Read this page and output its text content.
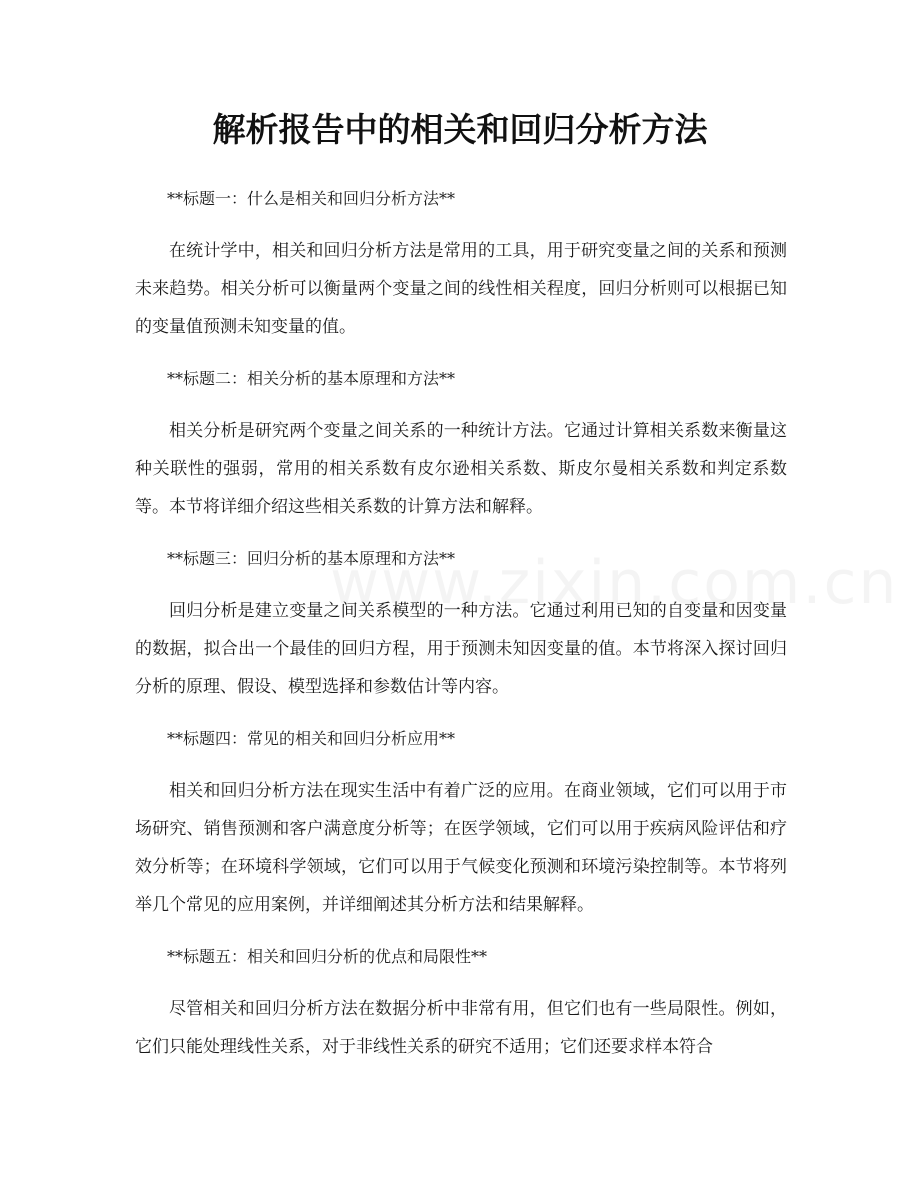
解析报告中的相关和回归分析方法

**标题一：什么是相关和回归分析方法**

在统计学中，相关和回归分析方法是常用的工具，用于研究变量之间的关系和预测未来趋势。相关分析可以衡量两个变量之间的线性相关程度，回归分析则可以根据已知的变量值预测未知变量的值。

**标题二：相关分析的基本原理和方法**

相关分析是研究两个变量之间关系的一种统计方法。它通过计算相关系数来衡量这种关联性的强弱，常用的相关系数有皮尔逊相关系数、斯皮尔曼相关系数和判定系数等。本节将详细介绍这些相关系数的计算方法和解释。

**标题三：回归分析的基本原理和方法**

回归分析是建立变量之间关系模型的一种方法。它通过利用已知的自变量和因变量的数据，拟合出一个最佳的回归方程，用于预测未知因变量的值。本节将深入探讨回归分析的原理、假设、模型选择和参数估计等内容。

**标题四：常见的相关和回归分析应用**

相关和回归分析方法在现实生活中有着广泛的应用。在商业领域，它们可以用于市场研究、销售预测和客户满意度分析等；在医学领域，它们可以用于疾病风险评估和疗效分析等；在环境科学领域，它们可以用于气候变化预测和环境污染控制等。本节将列举几个常见的应用案例，并详细阐述其分析方法和结果解释。

**标题五：相关和回归分析的优点和局限性**

尽管相关和回归分析方法在数据分析中非常有用，但它们也有一些局限性。例如，它们只能处理线性关系，对于非线性关系的研究不适用；它们还要求样本符合
